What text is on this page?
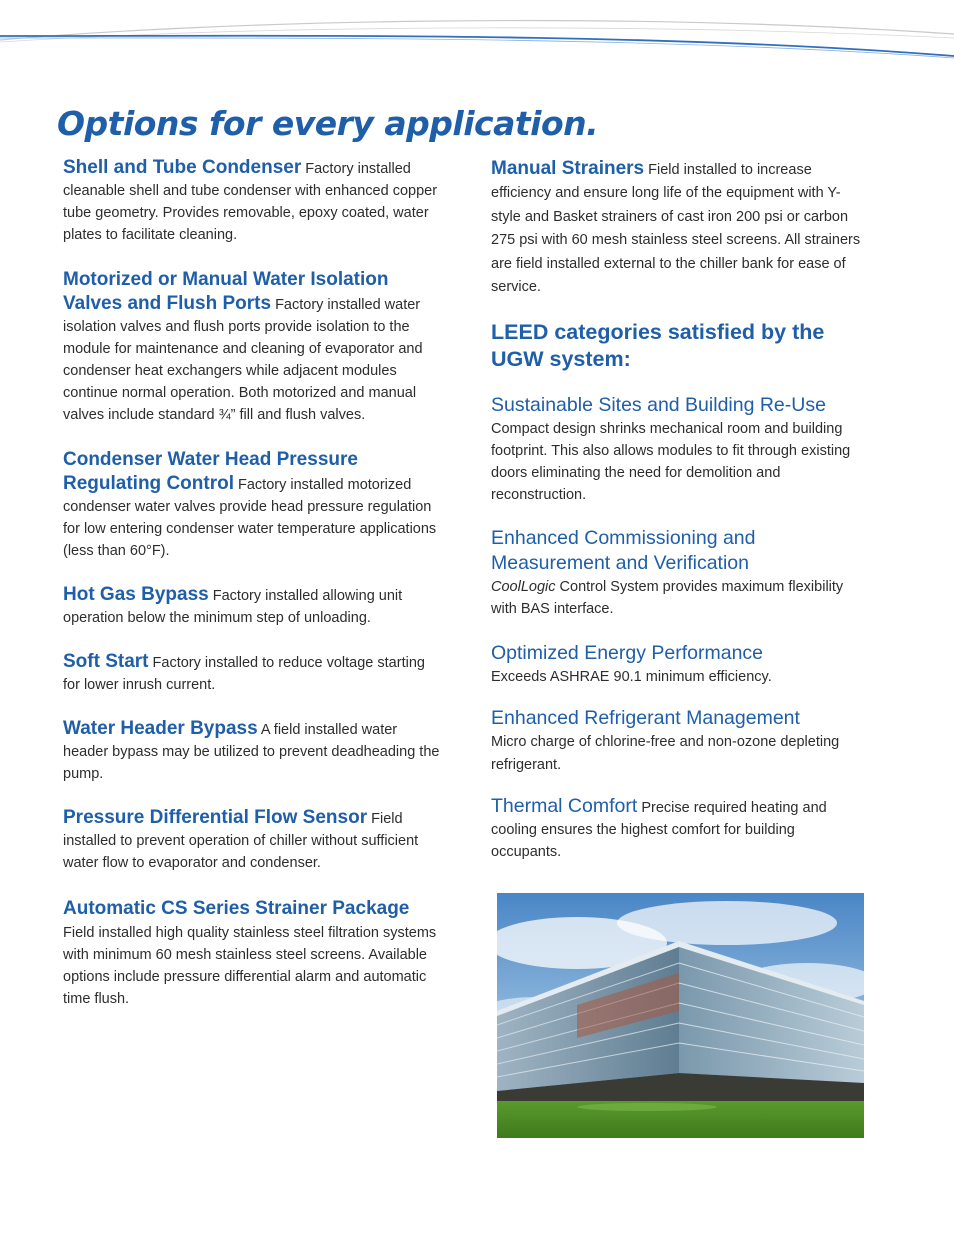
Options for every application.

Shell and Tube Condenser Factory installed cleanable shell and tube condenser with enhanced copper tube geometry. Provides removable, epoxy coated, water plates to facilitate cleaning.

Motorized or Manual Water Isolation Valves and Flush Ports Factory installed water isolation valves and flush ports provide isolation to the module for maintenance and cleaning of evaporator and condenser heat exchangers while adjacent modules continue normal operation. Both motorized and manual valves include standard ¾” fill and flush valves.

Condenser Water Head Pressure Regulating Control Factory installed motorized condenser water valves provide head pressure regulation for low entering condenser water temperature applications (less than 60°F).

Hot Gas Bypass Factory installed allowing unit operation below the minimum step of unloading.

Soft Start Factory installed to reduce voltage starting for lower inrush current.

Water Header Bypass A field installed water header bypass may be utilized to prevent deadheading the pump.

Pressure Differential Flow Sensor Field installed to prevent operation of chiller without sufficient water flow to evaporator and condenser.

Automatic CS Series Strainer Package
Field installed high quality stainless steel filtration systems with minimum 60 mesh stainless steel screens. Available options include pressure differential alarm and automatic time flush.

Manual Strainers Field installed to increase efficiency and ensure long life of the equipment with Y-style and Basket strainers of cast iron 200 psi or carbon 275 psi with 60 mesh stainless steel screens. All strainers are field installed external to the chiller bank for ease of service.

LEED categories satisfied by the UGW system:
Sustainable Sites and Building Re-Use

Compact design shrinks mechanical room and building footprint. This also allows modules to fit through existing doors eliminating the need for demolition and reconstruction.

Enhanced Commissioning and Measurement and Verification

CoolLogic Control System provides maximum flexibility with BAS interface.

Optimized Energy Performance

Exceeds ASHRAE 90.1 minimum efficiency.

Enhanced Refrigerant Management

Micro charge of chlorine-free and non-ozone depleting refrigerant.

Thermal Comfort Precise required heating and cooling ensures the highest comfort for building occupants.
